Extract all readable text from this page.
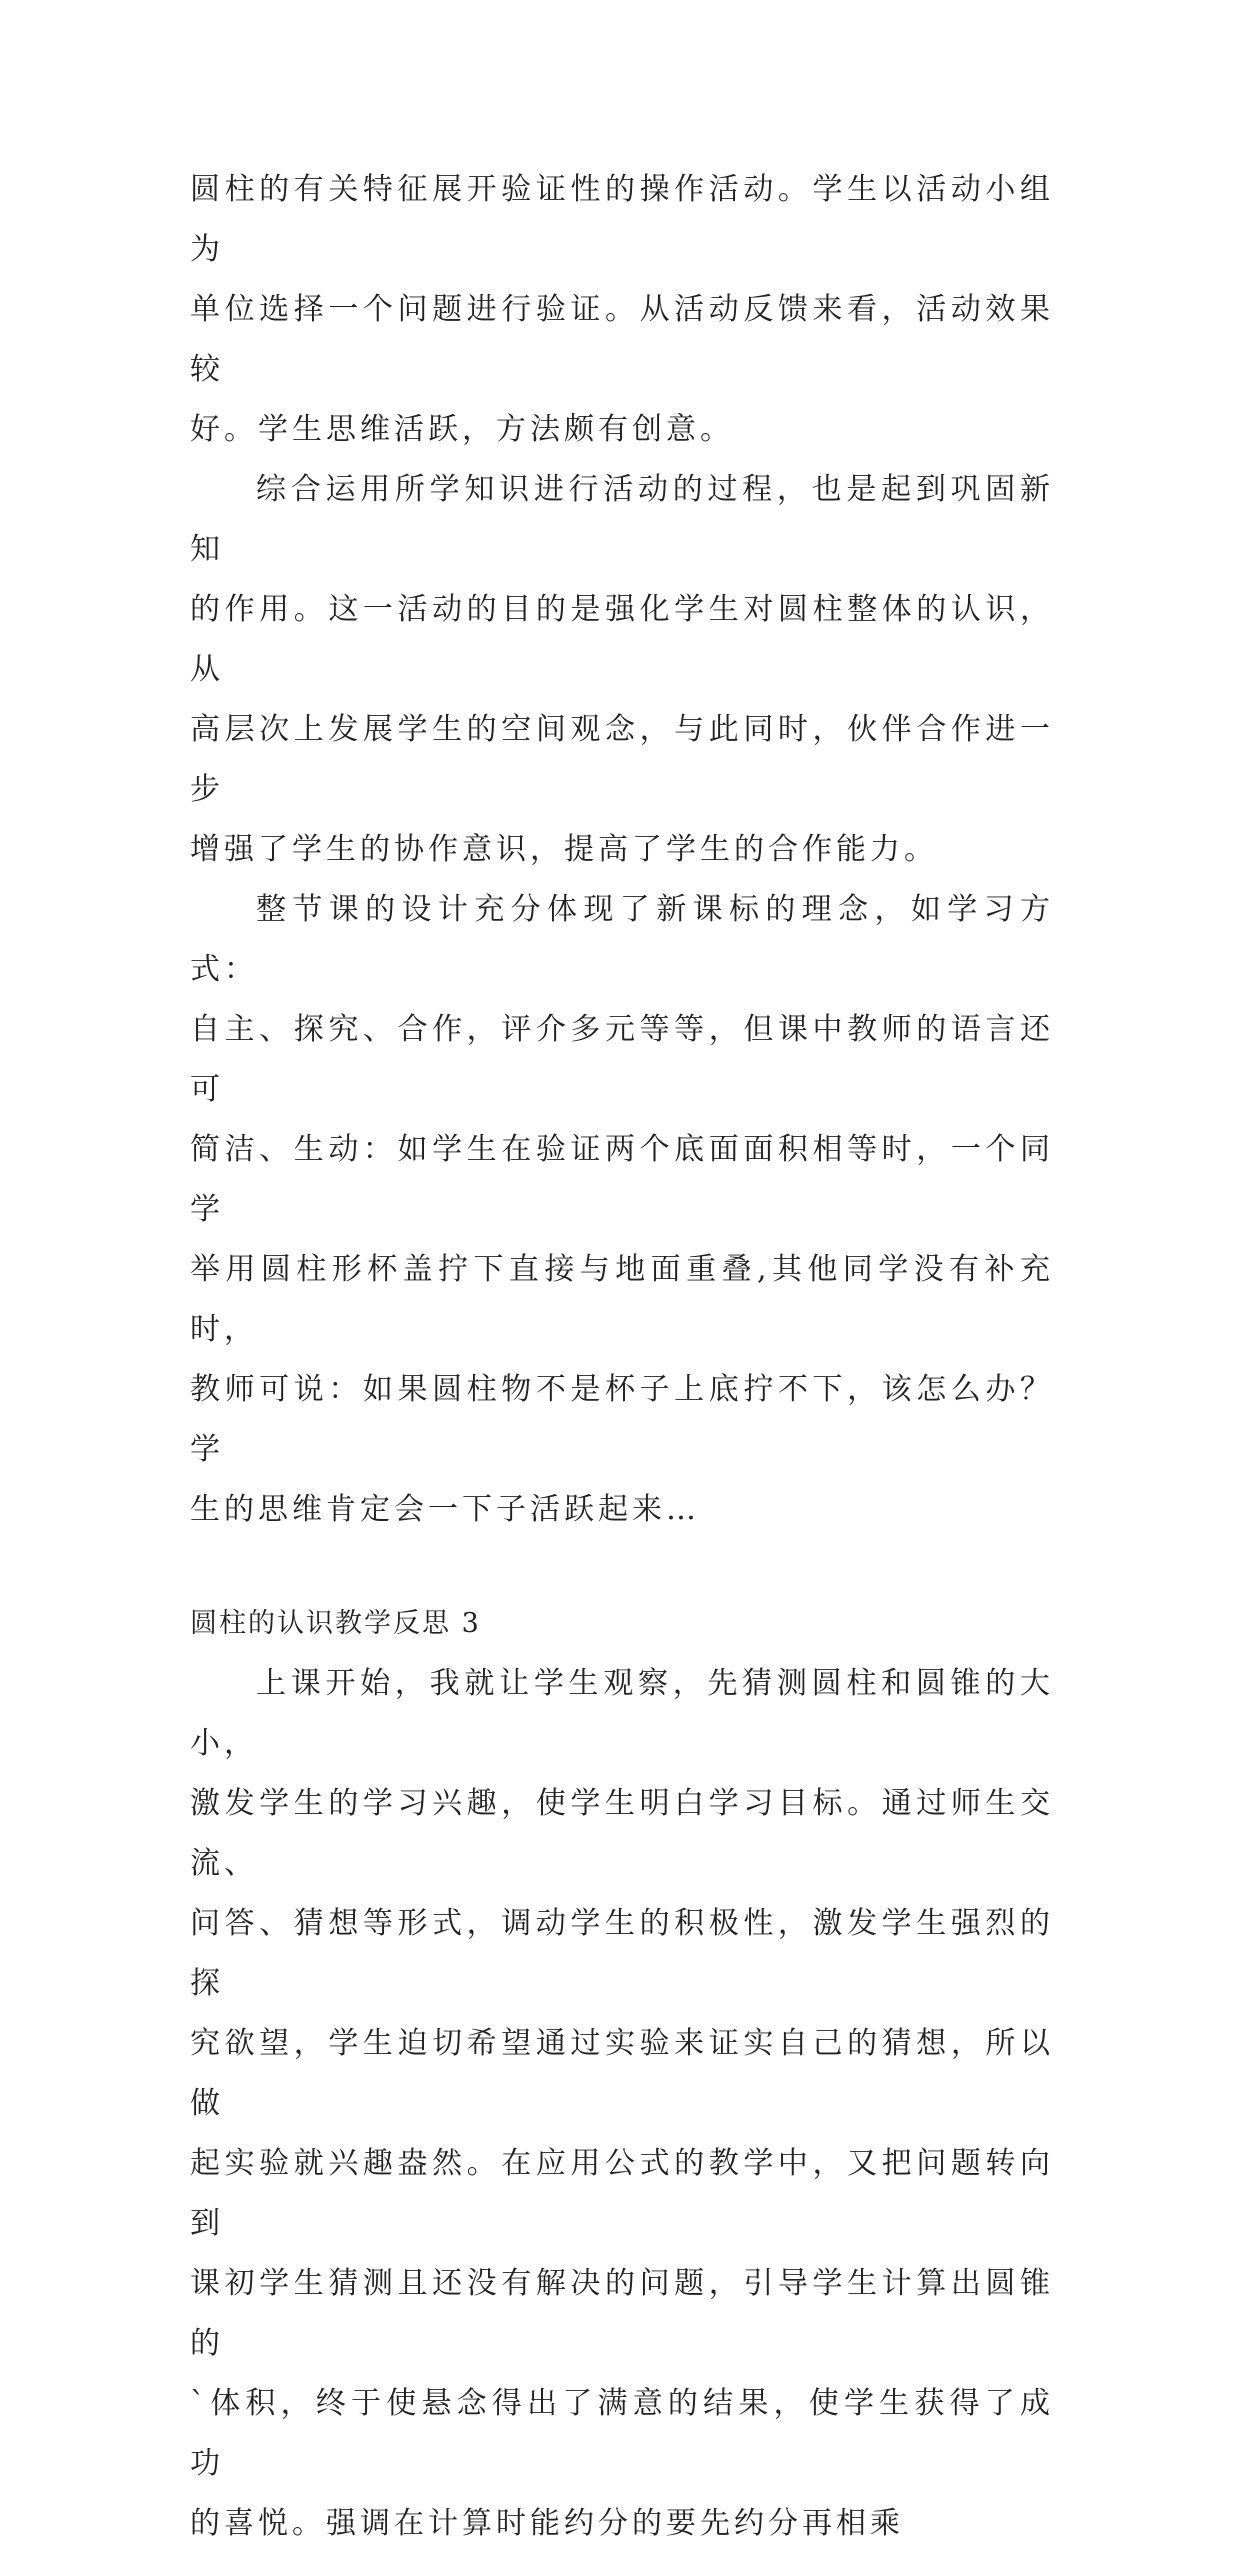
圆柱的有关特征展开验证性的操作活动。学生以活动小组为
单位选择一个问题进行验证。从活动反馈来看，活动效果较
好。学生思维活跃，方法颇有创意。

综合运用所学知识进行活动的过程，也是起到巩固新知
的作用。这一活动的目的是强化学生对圆柱整体的认识，从
高层次上发展学生的空间观念，与此同时，伙伴合作进一步
增强了学生的协作意识，提高了学生的合作能力。

整节课的设计充分体现了新课标的理念，如学习方式：
自主、探究、合作，评介多元等等，但课中教师的语言还可
简洁、生动：如学生在验证两个底面面积相等时，一个同学
举用圆柱形杯盖拧下直接与地面重叠,其他同学没有补充时，
教师可说：如果圆柱物不是杯子上底拧不下，该怎么办？学
生的思维肯定会一下子活跃起来…

圆柱的认识教学反思 3

上课开始，我就让学生观察，先猜测圆柱和圆锥的大小，
激发学生的学习兴趣，使学生明白学习目标。通过师生交流、
问答、猜想等形式，调动学生的积极性，激发学生强烈的探
究欲望，学生迫切希望通过实验来证实自己的猜想，所以做
起实验就兴趣盎然。在应用公式的教学中，又把问题转向到
课初学生猜测且还没有解决的问题，引导学生计算出圆锥的
`体积，终于使悬念得出了满意的结果，使学生获得了成功
的喜悦。强调在计算时能约分的要先约分再相乘
